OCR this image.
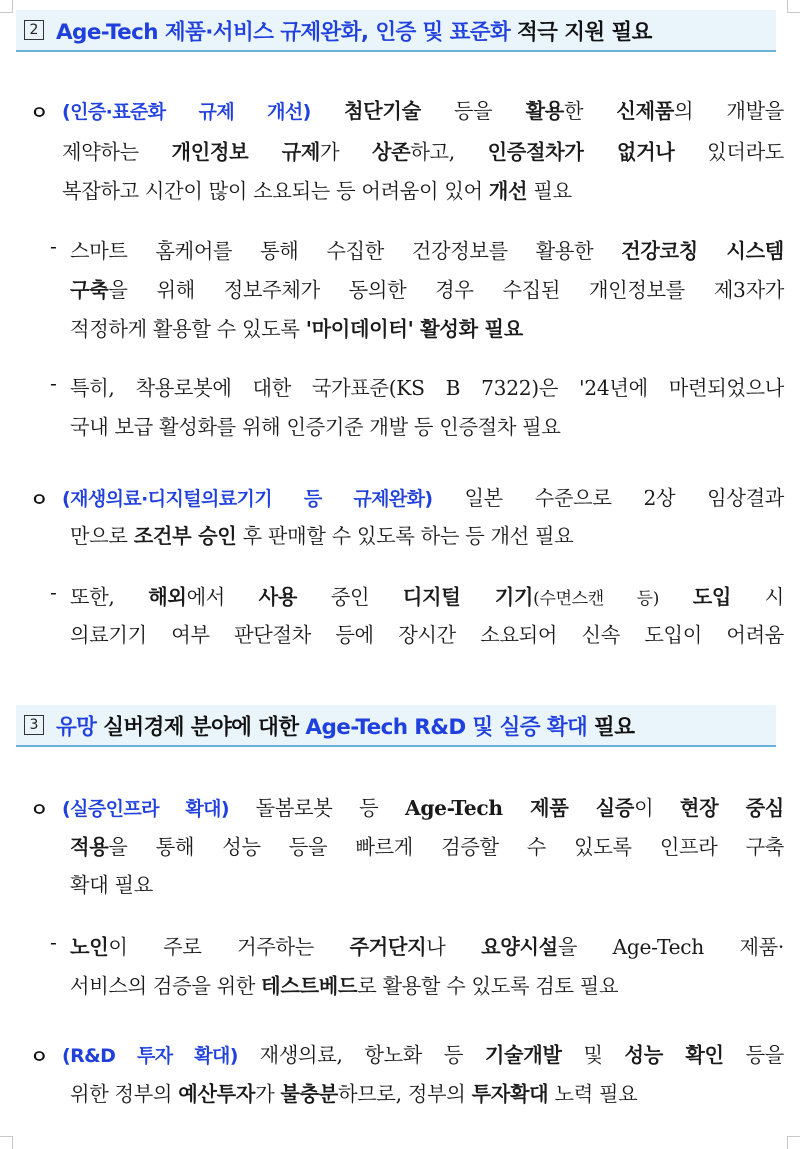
2 Age-Tech 제품·서비스 규제완화, 인증 및 표준화 적극 지원 필요
ㅇ (인증·표준화 규제 개선) 첨단기술 등을 활용한 신제품의 개발을
제약하는 개인정보 규제가 상존하고, 인증절차가 없거나 있더라도
복잡하고 시간이 많이 소요되는 등 어려움이 있어 개선 필요
- 스마트 홈케어를 통해 수집한 건강정보를 활용한 건강코칭 시스템
구축을 위해 정보주체가 동의한 경우 수집된 개인정보를 제3자가
적정하게 활용할 수 있도록 '마이데이터' 활성화 필요
- 특히, 착용로봇에 대한 국가표준(KS B 7322)은 '24년에 마련되었으나
국내 보급 활성화를 위해 인증기준 개발 등 인증절차 필요
ㅇ (재생의료·디지털의료기기 등 규제완화) 일본 수준으로 2상 임상결과
만으로 조건부 승인 후 판매할 수 있도록 하는 등 개선 필요
- 또한, 해외에서 사용 중인 디지털 기기(수면스캔 등) 도입 시
의료기기 여부 판단절차 등에 장시간 소요되어 신속 도입이 어려움
3 유망 실버경제 분야에 대한 Age-Tech R&D 및 실증 확대 필요
ㅇ (실증인프라 확대) 돌봄로봇 등 Age-Tech 제품 실증이 현장 중심
적용을 통해 성능 등을 빠르게 검증할 수 있도록 인프라 구축
확대 필요
- 노인이 주로 거주하는 주거단지나 요양시설을 Age-Tech 제품·
서비스의 검증을 위한 테스트베드로 활용할 수 있도록 검토 필요
ㅇ (R&D 투자 확대) 재생의료, 항노화 등 기술개발 및 성능 확인 등을
위한 정부의 예산투자가 불충분하므로, 정부의 투자확대 노력 필요
